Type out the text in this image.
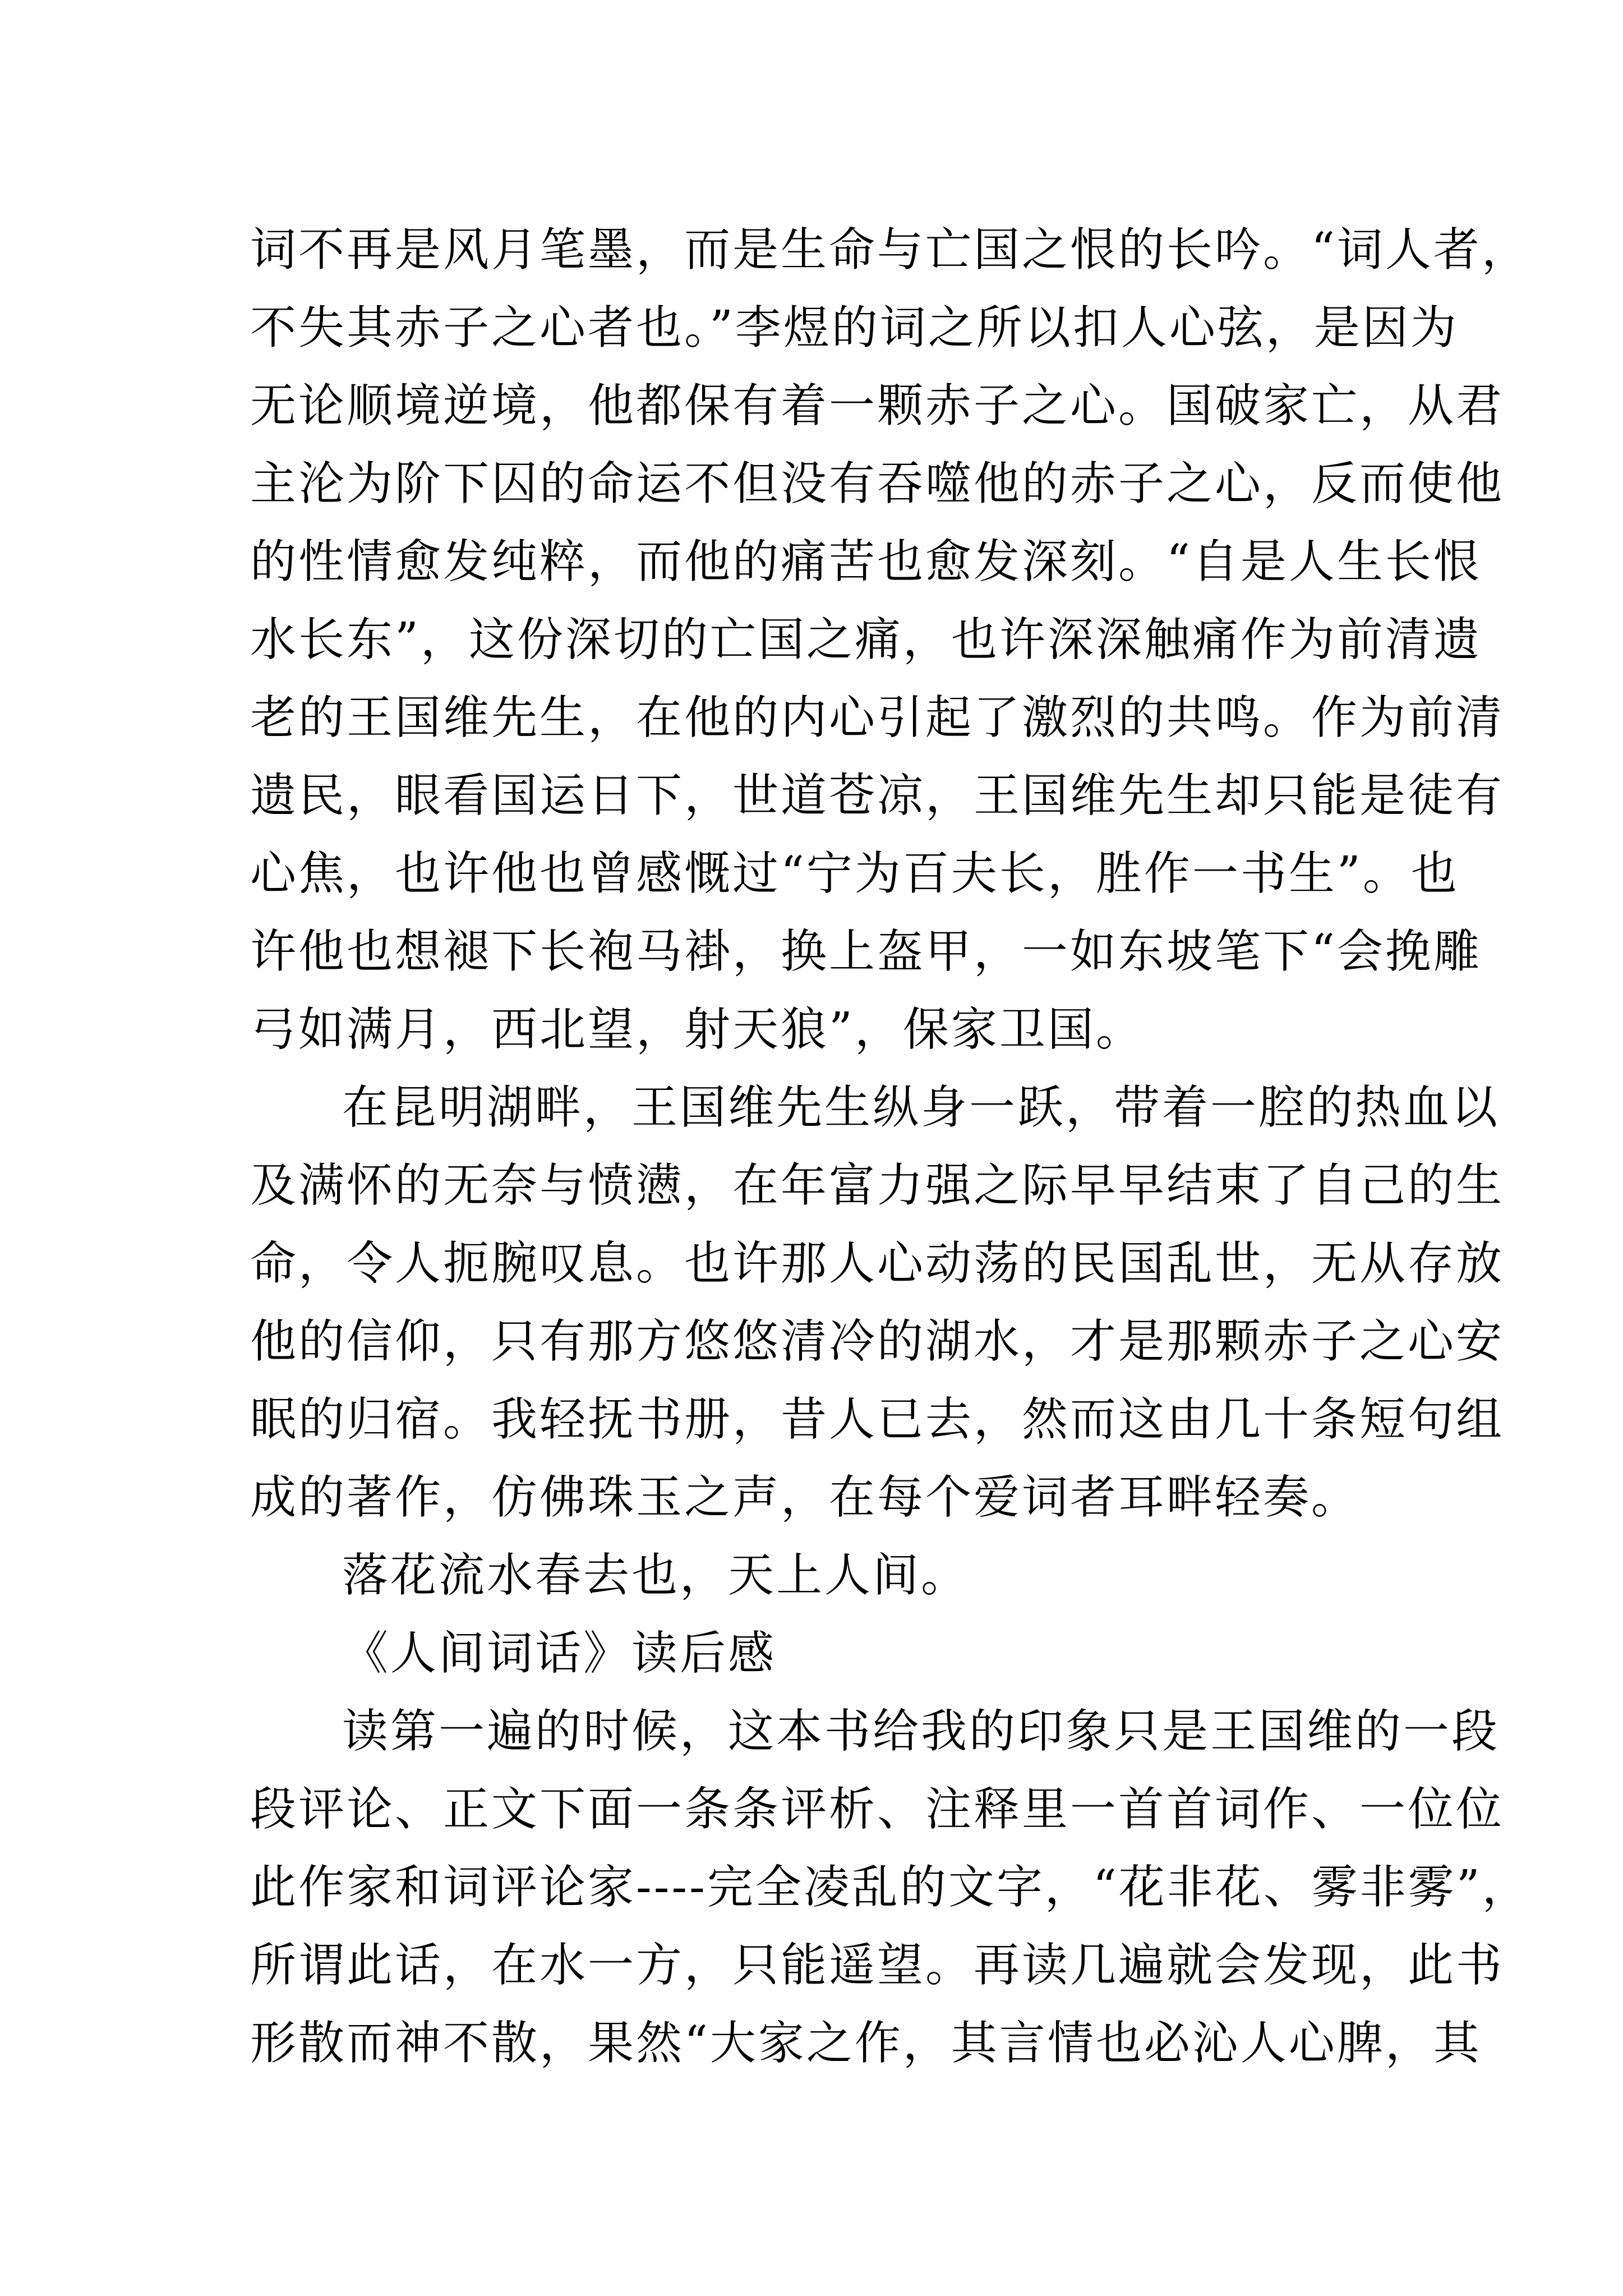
词不再是风月笔墨，而是生命与亡国之恨的长吟。“词人者，
不失其赤子之心者也。”李煜的词之所以扣人心弦，是因为
无论顺境逆境，他都保有着一颗赤子之心。国破家亡，从君
主沦为阶下囚的命运不但没有吞噬他的赤子之心，反而使他
的性情愈发纯粹，而他的痛苦也愈发深刻。“自是人生长恨
水长东”，这份深切的亡国之痛，也许深深触痛作为前清遗
老的王国维先生，在他的内心引起了激烈的共鸣。作为前清
遗民，眼看国运日下，世道苍凉，王国维先生却只能是徒有
心焦，也许他也曾感慨过“宁为百夫长，胜作一书生”。也
许他也想褪下长袍马褂，换上盔甲，一如东坡笔下“会挽雕
弓如满月，西北望，射天狼”，保家卫国。
在昆明湖畔，王国维先生纵身一跃，带着一腔的热血以
及满怀的无奈与愤懑，在年富力强之际早早结束了自己的生
命，令人扼腕叹息。也许那人心动荡的民国乱世，无从存放
他的信仰，只有那方悠悠清冷的湖水，才是那颗赤子之心安
眠的归宿。我轻抚书册，昔人已去，然而这由几十条短句组
成的著作，仿佛珠玉之声，在每个爱词者耳畔轻奏。
落花流水春去也，天上人间。
《人间词话》读后感
读第一遍的时候，这本书给我的印象只是王国维的一段
段评论、正文下面一条条评析、注释里一首首词作、一位位
此作家和词评论家----完全凌乱的文字，“花非花、雾非雾”，
所谓此话，在水一方，只能遥望。再读几遍就会发现，此书
形散而神不散，果然“大家之作，其言情也必沁人心脾，其
